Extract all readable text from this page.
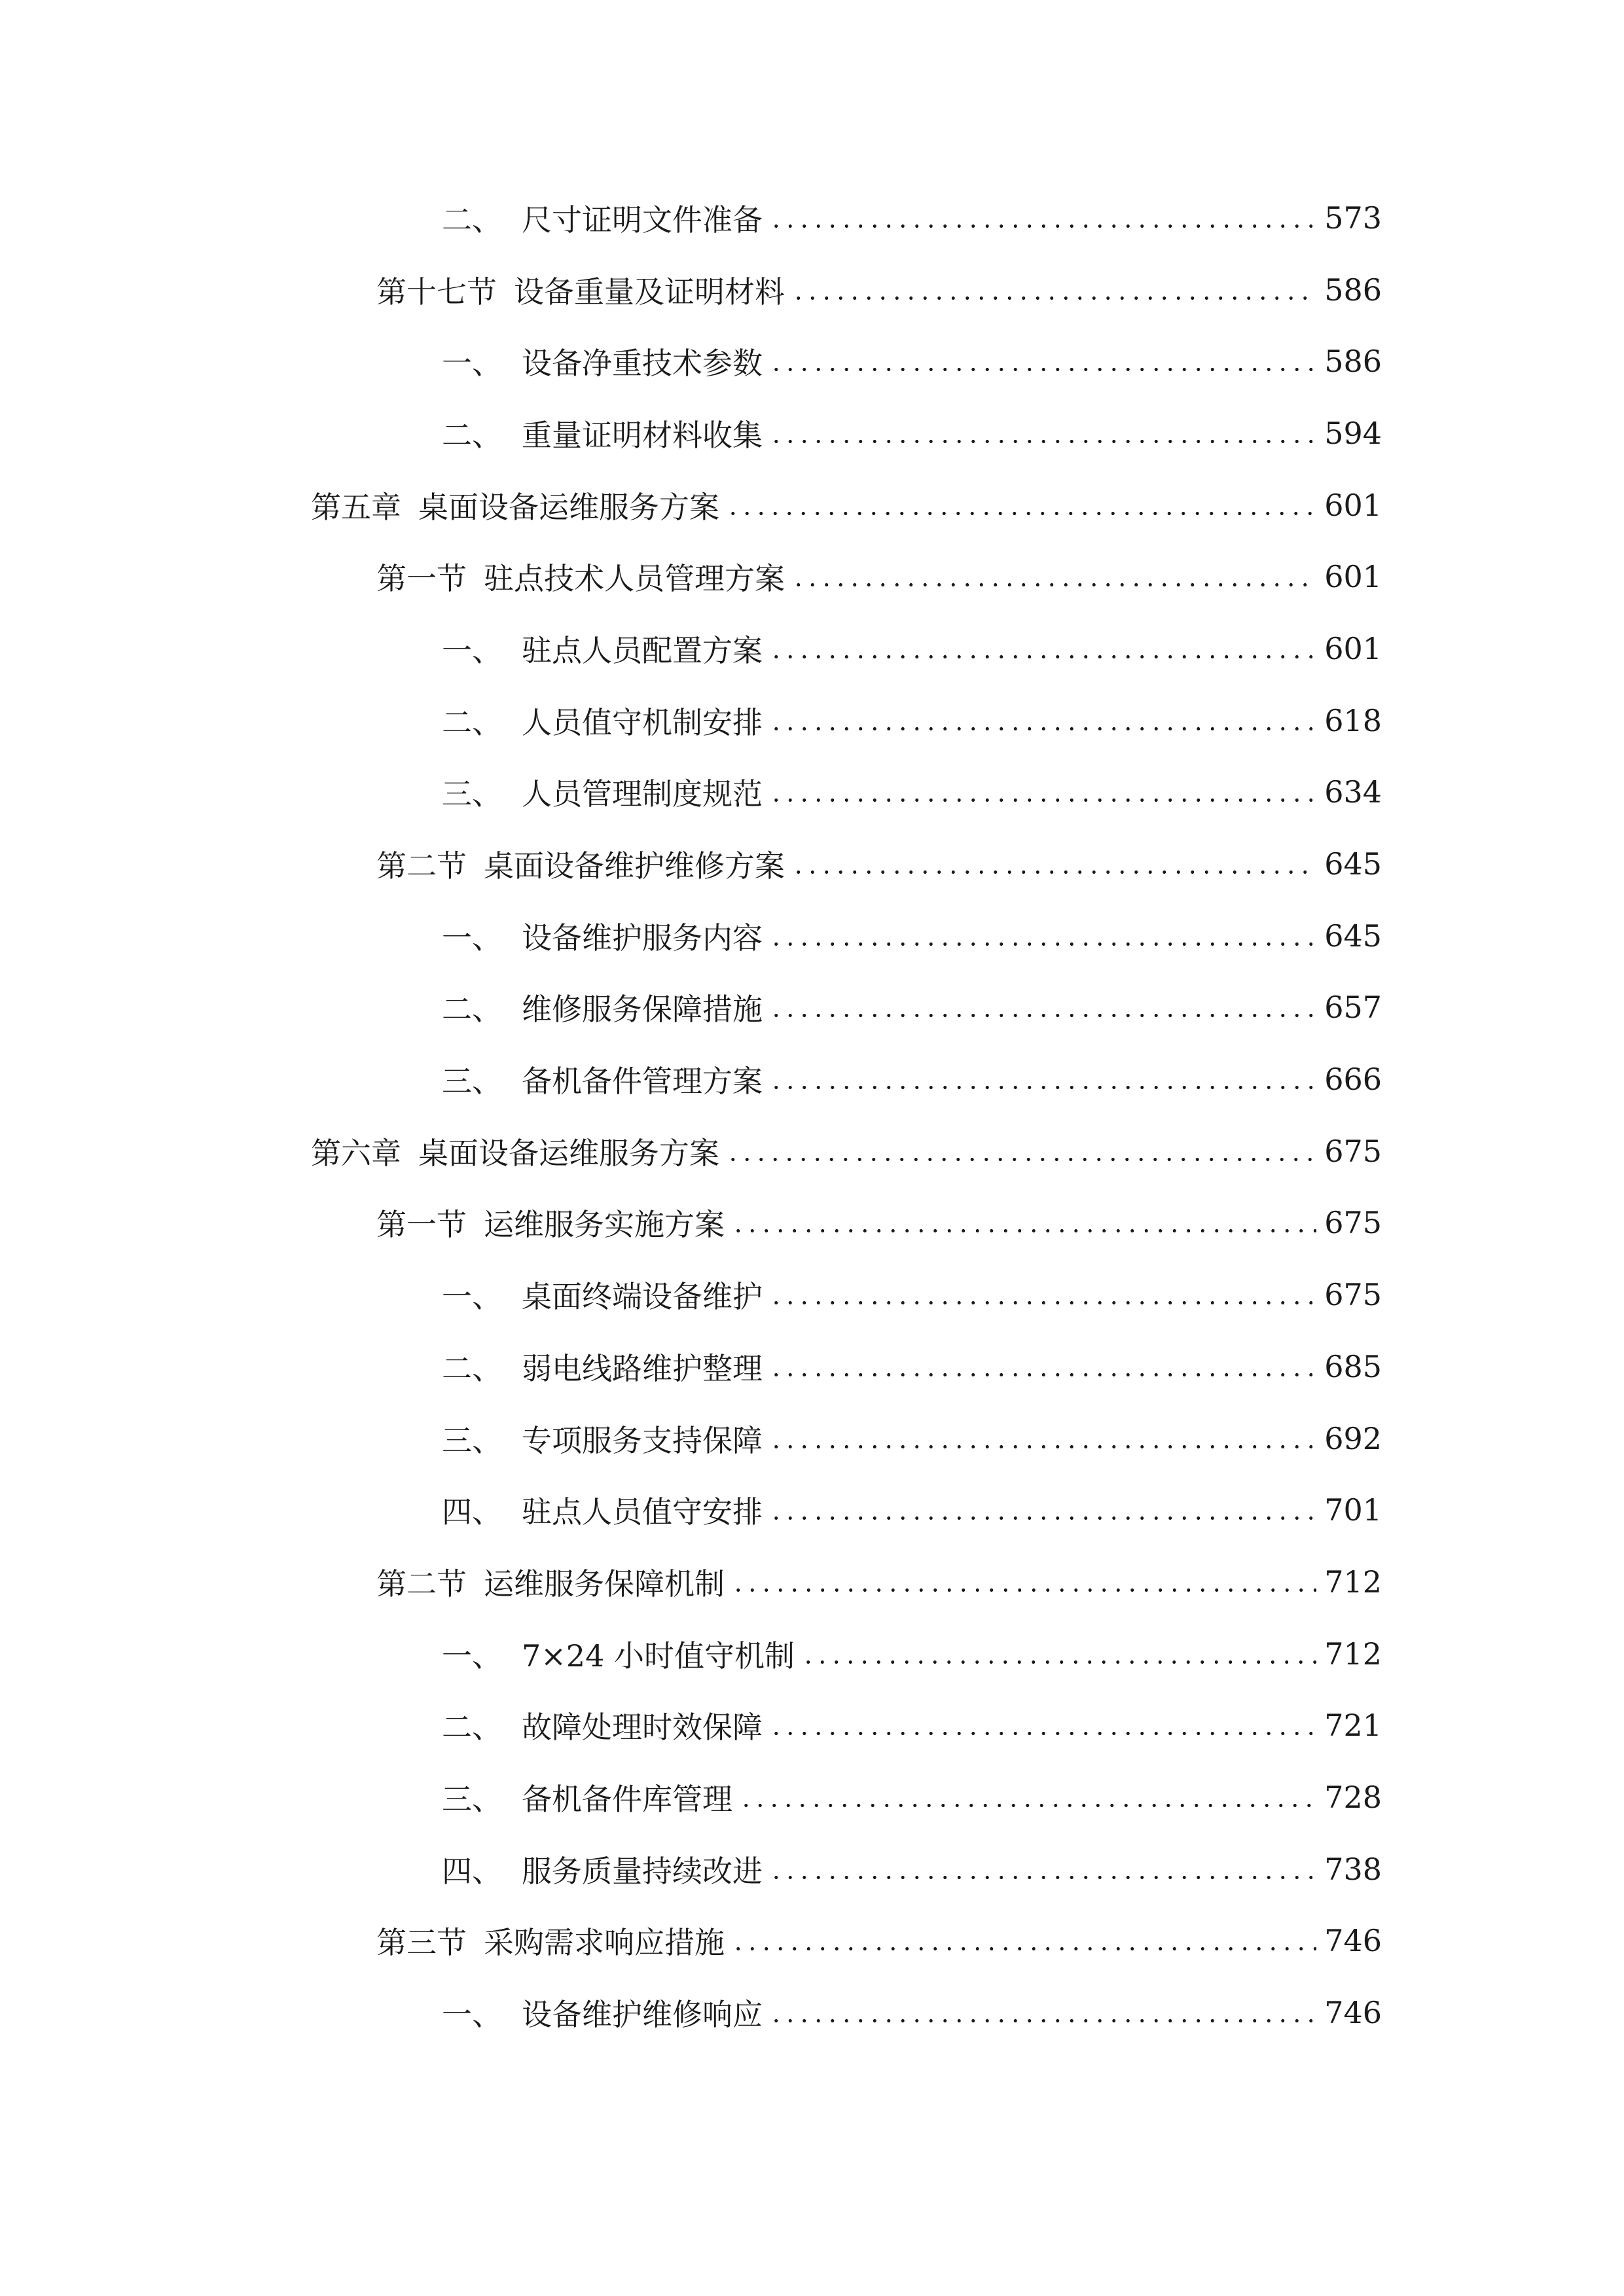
二、 尺寸证明文件准备	573
第十七节 设备重量及证明材料	586
一、 设备净重技术参数	586
二、 重量证明材料收集	594
第五章 桌面设备运维服务方案	601
第一节 驻点技术人员管理方案	601
一、 驻点人员配置方案	601
二、 人员值守机制安排	618
三、 人员管理制度规范	634
第二节 桌面设备维护维修方案	645
一、 设备维护服务内容	645
二、 维修服务保障措施	657
三、 备机备件管理方案	666
第六章 桌面设备运维服务方案	675
第一节 运维服务实施方案	675
一、 桌面终端设备维护	675
二、 弱电线路维护整理	685
三、 专项服务支持保障	692
四、 驻点人员值守安排	701
第二节 运维服务保障机制	712
一、 7×24 小时值守机制	712
二、 故障处理时效保障	721
三、 备机备件库管理	728
四、 服务质量持续改进	738
第三节 采购需求响应措施	746
一、 设备维护维修响应	746
